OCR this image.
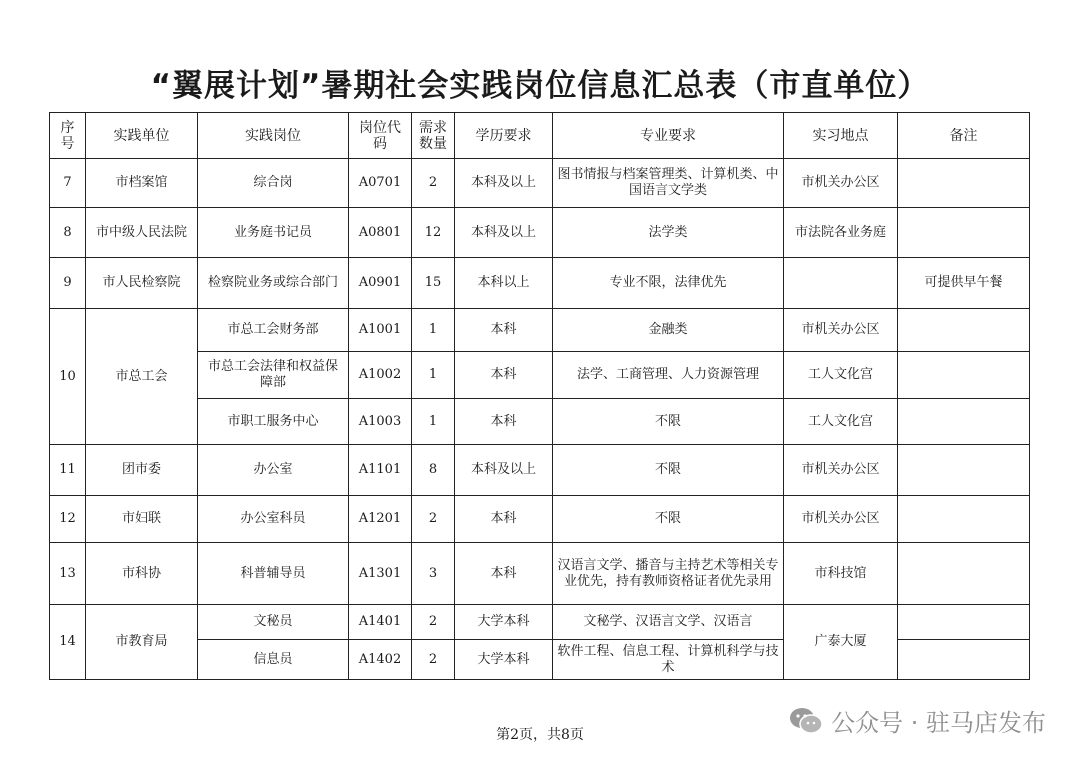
“翼展计划”暑期社会实践岗位信息汇总表（市直单位）
序号	实践单位	实践岗位	岗位代码	需求数量	学历要求	专业要求	实习地点	备注
7	市档案馆	综合岗	A0701	2	本科及以上	图书情报与档案管理类、计算机类、中国语言文学类	市机关办公区	
8	市中级人民法院	业务庭书记员	A0801	12	本科及以上	法学类	市法院各业务庭	
9	市人民检察院	检察院业务或综合部门	A0901	15	本科以上	专业不限，法律优先		可提供早午餐
10	市总工会	市总工会财务部	A1001	1	本科	金融类	市机关办公区	
		市总工会法律和权益保障部	A1002	1	本科	法学、工商管理、人力资源管理	工人文化宫	
		市职工服务中心	A1003	1	本科	不限	工人文化宫	
11	团市委	办公室	A1101	8	本科及以上	不限	市机关办公区	
12	市妇联	办公室科员	A1201	2	本科	不限	市机关办公区	
13	市科协	科普辅导员	A1301	3	本科	汉语言文学、播音与主持艺术等相关专业优先，持有教师资格证者优先录用	市科技馆	
14	市教育局	文秘员	A1401	2	大学本科	文秘学、汉语言文学、汉语言	广泰大厦	
		信息员	A1402	2	大学本科	软件工程、信息工程、计算机科学与技术		
第2页，共8页	公众号 · 驻马店发布
